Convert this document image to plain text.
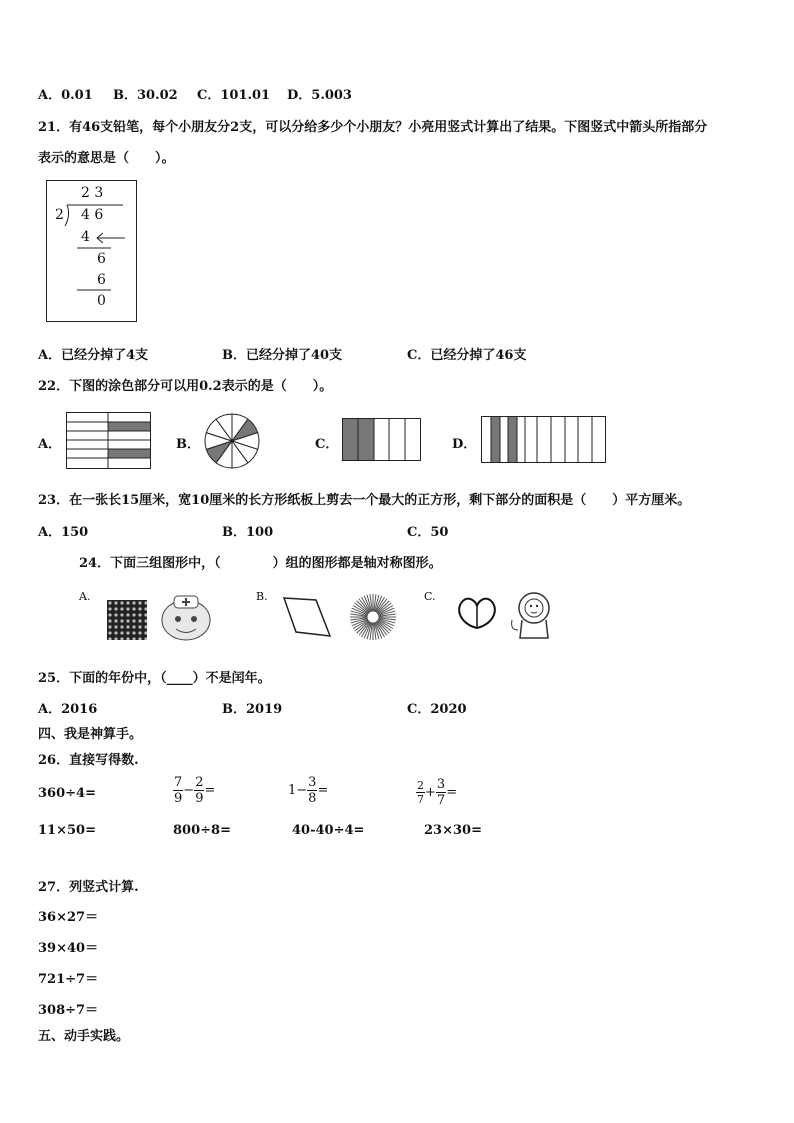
A．0.01 B．30.02 C．101.01 D．5.003
21．有46支铅笔，每个小朋友分2支，可以分给多少个小朋友？小亮用竖式计算出了结果。下图竖式中箭头所指部分
表示的意思是（　　）。
2 3
2 4 6
4
6
6
0
A．已经分掉了4支	B．已经分掉了40支	C．已经分掉了46支
22．下图的涂色部分可以用0.2表示的是（　　）。
A．	B．	C．	D．
23．在一张长15厘米，宽10厘米的长方形纸板上剪去一个最大的正方形，剩下部分的面积是（　　）平方厘米。
A．150	B．100	C．50
24．下面三组图形中，（　　　　）组的图形都是轴对称图形。
A.	B.	C.
25．下面的年份中，（____）不是闰年。
A．2016	B．2019	C．2020
四、我是神算手。
26．直接写得数.
360÷4=	$\frac{7}{9} - \frac{2}{9}$ =	$1- \frac{3}{8}$ =	$\frac{2}{7} + \frac{3}{7}$ =
11×50=	800÷8=	40-40÷4=	23×30=
27．列竖式计算.
36×27＝
39×40＝
721÷7＝
308÷7＝
五、动手实践。
